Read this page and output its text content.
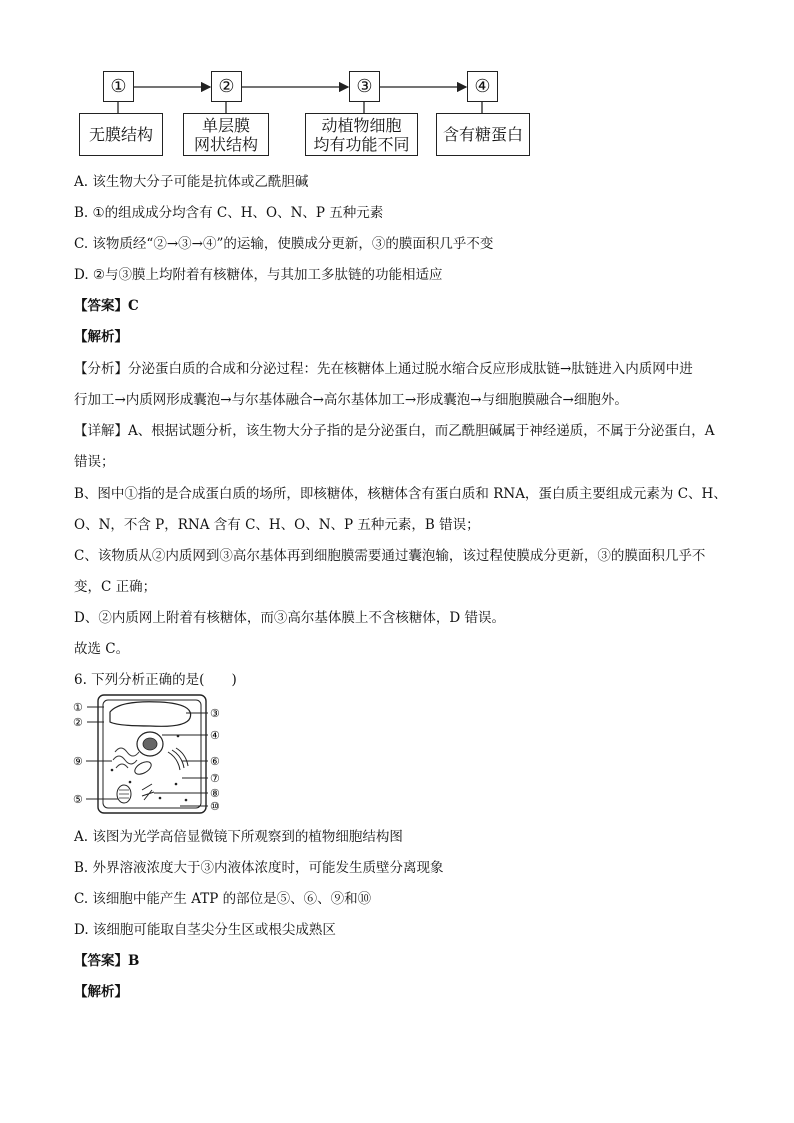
①	②	③	④
无膜结构	单层膜
网状结构
动植物细胞
均有功能不同	含有糖蛋白
A. 该生物大分子可能是抗体或乙酰胆碱
B. ①的组成成分均含有 C、H、O、N、P 五种元素
C. 该物质经“②→③→④”的运输，使膜成分更新，③的膜面积几乎不变
D. ②与③膜上均附着有核糖体，与其加工多肽链的功能相适应
【答案】C
【解析】
【分析】分泌蛋白质的合成和分泌过程：先在核糖体上通过脱水缩合反应形成肽链→肽链进入内质网中进
行加工→内质网形成囊泡→与尔基体融合→高尔基体加工→形成囊泡→与细胞膜融合→细胞外。
【详解】A、根据试题分析，该生物大分子指的是分泌蛋白，而乙酰胆碱属于神经递质，不属于分泌蛋白，A
错误；
B、图中①指的是合成蛋白质的场所，即核糖体，核糖体含有蛋白质和 RNA，蛋白质主要组成元素为 C、H、
O、N，不含 P，RNA 含有 C、H、O、N、P 五种元素，B 错误；
C、该物质从②内质网到③高尔基体再到细胞膜需要通过囊泡输，该过程使膜成分更新，③的膜面积几乎不
变，C 正确；
D、②内质网上附着有核糖体，而③高尔基体膜上不含核糖体，D 错误。
故选 C。
6. 下列分析正确的是(　　)
①
②
③
④
⑤
⑥
⑦
⑧
⑨
⑩
A. 该图为光学高倍显微镜下所观察到的植物细胞结构图
B. 外界溶液浓度大于③内液体浓度时，可能发生质壁分离现象
C. 该细胞中能产生 ATP 的部位是⑤、⑥、⑨和⑩
D. 该细胞可能取自茎尖分生区或根尖成熟区
【答案】B
【解析】
